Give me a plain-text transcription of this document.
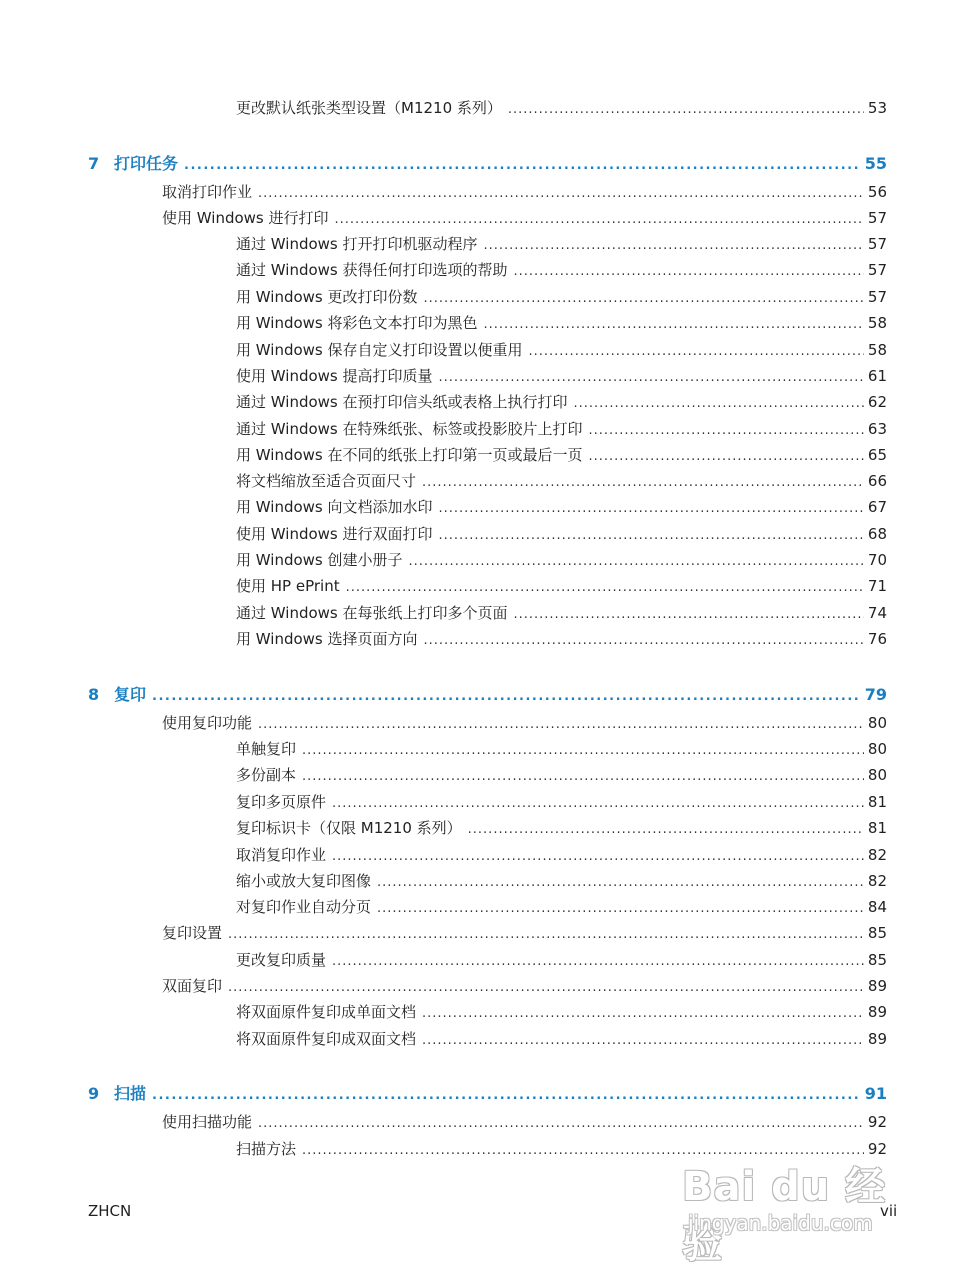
更改默认纸张类型设置（M1210 系列） .....	53
7 打印任务 .....	55
取消打印作业 .....	56
使用 Windows 进行打印 .....	57
通过 Windows 打开打印机驱动程序 .....	57
通过 Windows 获得任何打印选项的帮助 .....	57
用 Windows 更改打印份数 .....	57
用 Windows 将彩色文本打印为黑色 .....	58
用 Windows 保存自定义打印设置以便重用 .....	58
使用 Windows 提高打印质量 .....	61
通过 Windows 在预打印信头纸或表格上执行打印 .....	62
通过 Windows 在特殊纸张、标签或投影胶片上打印 .....	63
用 Windows 在不同的纸张上打印第一页或最后一页 .....	65
将文档缩放至适合页面尺寸 .....	66
用 Windows 向文档添加水印 .....	67
使用 Windows 进行双面打印 .....	68
用 Windows 创建小册子 .....	70
使用 HP ePrint .....	71
通过 Windows 在每张纸上打印多个页面 .....	74
用 Windows 选择页面方向 .....	76
8 复印 .....	79
使用复印功能 .....	80
单触复印 .....	80
多份副本 .....	80
复印多页原件 .....	81
复印标识卡（仅限 M1210 系列） .....	81
取消复印作业 .....	82
缩小或放大复印图像 .....	82
对复印作业自动分页 .....	84
复印设置 .....	85
更改复印质量 .....	85
双面复印 .....	89
将双面原件复印成单面文档 .....	89
将双面原件复印成双面文档 .....	89
9 扫描 .....	91
使用扫描功能 .....	92
扫描方法 .....	92
ZHCN	vii
Bai du 经验
jingyan.baidu.com
